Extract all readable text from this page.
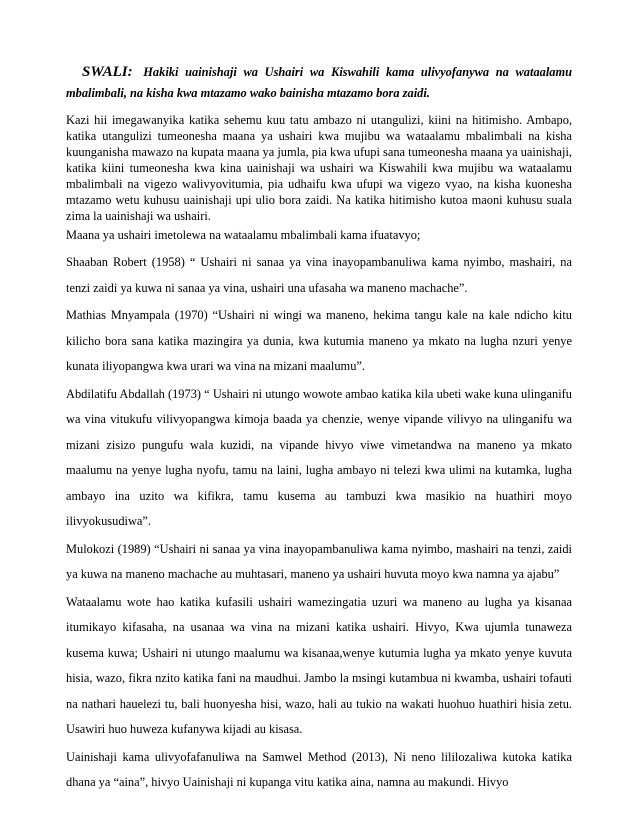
SWALI: Hakiki uainishaji wa Ushairi wa Kiswahili kama ulivyofanywa na wataalamu mbalimbali, na kisha kwa mtazamo wako bainisha mtazamo bora zaidi.

Kazi hii imegawanyika katika sehemu kuu tatu ambazo ni utangulizi, kiini na hitimisho. Ambapo, katika utangulizi tumeonesha maana ya ushairi kwa mujibu wa wataalamu mbalimbali na kisha kuunganisha mawazo na kupata maana ya jumla, pia kwa ufupi sana tumeonesha maana ya uainishaji, katika kiini tumeonesha kwa kina uainishaji wa ushairi wa Kiswahili kwa mujibu wa wataalamu mbalimbali na vigezo walivyovitumia, pia udhaifu kwa ufupi wa vigezo vyao, na kisha kuonesha mtazamo wetu kuhusu uainishaji upi ulio bora zaidi. Na katika hitimisho kutoa maoni kuhusu suala zima la uainishaji wa ushairi.

Maana ya ushairi imetolewa na wataalamu mbalimbali kama ifuatavyo;

Shaaban Robert (1958) “ Ushairi ni sanaa ya vina inayopambanuliwa kama nyimbo, mashairi, na tenzi zaidi ya kuwa ni sanaa ya vina, ushairi una ufasaha wa maneno machache”.

Mathias Mnyampala (1970) “Ushairi ni wingi wa maneno, hekima tangu kale na kale ndicho kitu kilicho bora sana katika mazingira ya dunia, kwa kutumia maneno ya mkato na lugha nzuri yenye kunata iliyopangwa kwa urari wa vina na mizani maalumu”.

Abdilatifu Abdallah (1973) “ Ushairi ni utungo wowote ambao katika kila ubeti wake kuna ulinganifu wa vina vitukufu vilivyopangwa kimoja baada ya chenzie, wenye vipande vilivyo na ulinganifu wa mizani zisizo pungufu wala kuzidi, na vipande hivyo viwe vimetandwa na maneno ya mkato maalumu na yenye lugha nyofu, tamu na laini, lugha ambayo ni telezi kwa ulimi na kutamka, lugha ambayo ina uzito wa kifikra, tamu kusema au tambuzi kwa masikio na huathiri moyo ilivyokusudiwa”.

Mulokozi (1989) “Ushairi ni sanaa ya vina inayopambanuliwa kama nyimbo, mashairi na tenzi, zaidi ya kuwa na maneno machache au muhtasari, maneno ya ushairi huvuta moyo kwa namna ya ajabu”

Wataalamu wote hao katika kufasili ushairi wamezingatia uzuri wa maneno au lugha ya kisanaa itumikayo kifasaha, na usanaa wa vina na mizani katika ushairi. Hivyo, Kwa ujumla tunaweza kusema kuwa; Ushairi ni utungo maalumu wa kisanaa,wenye kutumia lugha ya mkato yenye kuvuta hisia, wazo, fikra nzito katika fani na maudhui. Jambo la msingi kutambua ni kwamba, ushairi tofauti na nathari hauelezi tu, bali huonyesha hisi, wazo, hali au tukio na wakati huohuo huathiri hisia zetu. Usawiri huo huweza kufanywa kijadi au kisasa.

Uainishaji kama ulivyofafanuliwa na Samwel Method (2013), Ni neno lililozaliwa kutoka katika dhana ya “aina”, hivyo Uainishaji ni kupanga vitu katika aina, namna au makundi. Hivyo
